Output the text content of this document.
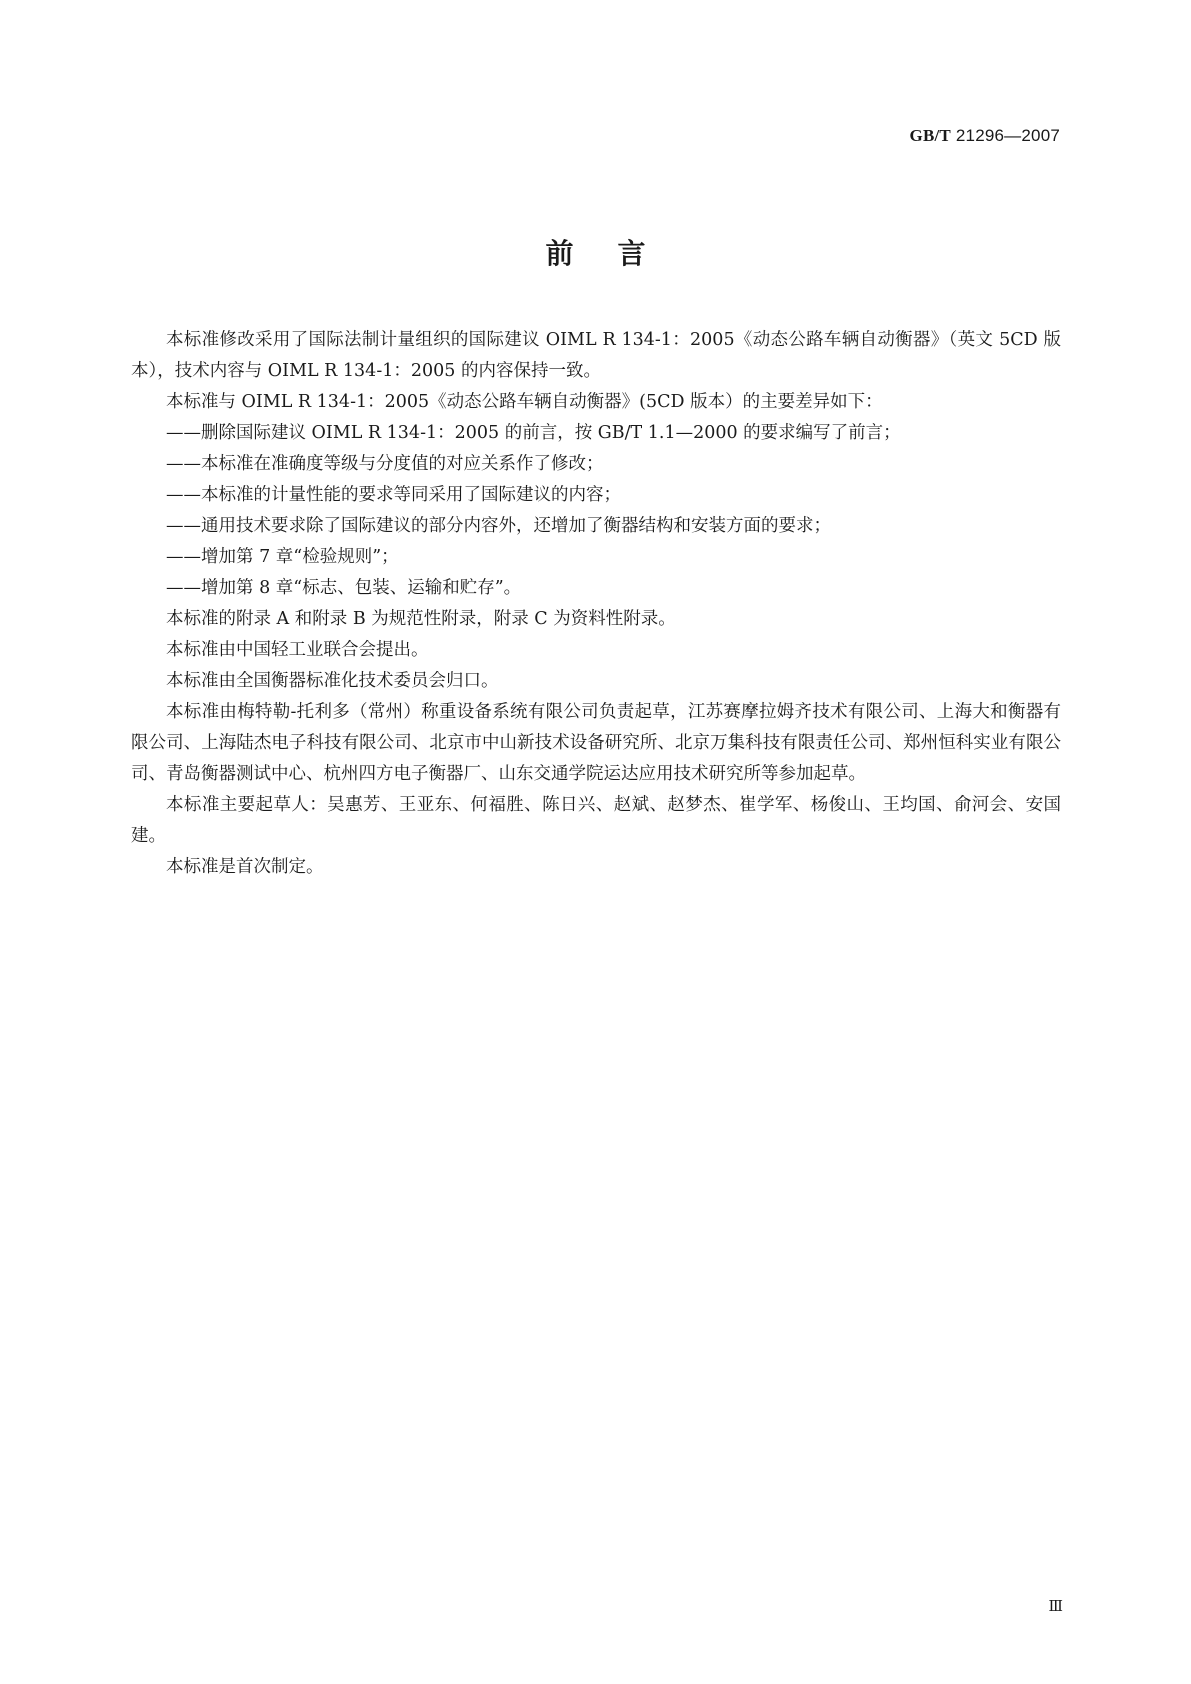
GB/T 21296—2007
前言

本标准修改采用了国际法制计量组织的国际建议 OIML R 134-1：2005《动态公路车辆自动衡器》（英文 5CD 版本），技术内容与 OIML R 134-1：2005 的内容保持一致。

本标准与 OIML R 134-1：2005《动态公路车辆自动衡器》(5CD 版本）的主要差异如下：

——删除国际建议 OIML R 134-1：2005 的前言，按 GB/T 1.1—2000 的要求编写了前言；

——本标准在准确度等级与分度值的对应关系作了修改；

——本标准的计量性能的要求等同采用了国际建议的内容；

——通用技术要求除了国际建议的部分内容外，还增加了衡器结构和安装方面的要求；

——增加第 7 章“检验规则”；

——增加第 8 章“标志、包装、运输和贮存”。

本标准的附录 A 和附录 B 为规范性附录，附录 C 为资料性附录。

本标准由中国轻工业联合会提出。

本标准由全国衡器标准化技术委员会归口。

本标准由梅特勒-托利多（常州）称重设备系统有限公司负责起草，江苏赛摩拉姆齐技术有限公司、上海大和衡器有限公司、上海陆杰电子科技有限公司、北京市中山新技术设备研究所、北京万集科技有限责任公司、郑州恒科实业有限公司、青岛衡器测试中心、杭州四方电子衡器厂、山东交通学院运达应用技术研究所等参加起草。

本标准主要起草人：吴惠芳、王亚东、何福胜、陈日兴、赵斌、赵梦杰、崔学军、杨俊山、王均国、俞河会、安国建。

本标准是首次制定。

Ⅲ
